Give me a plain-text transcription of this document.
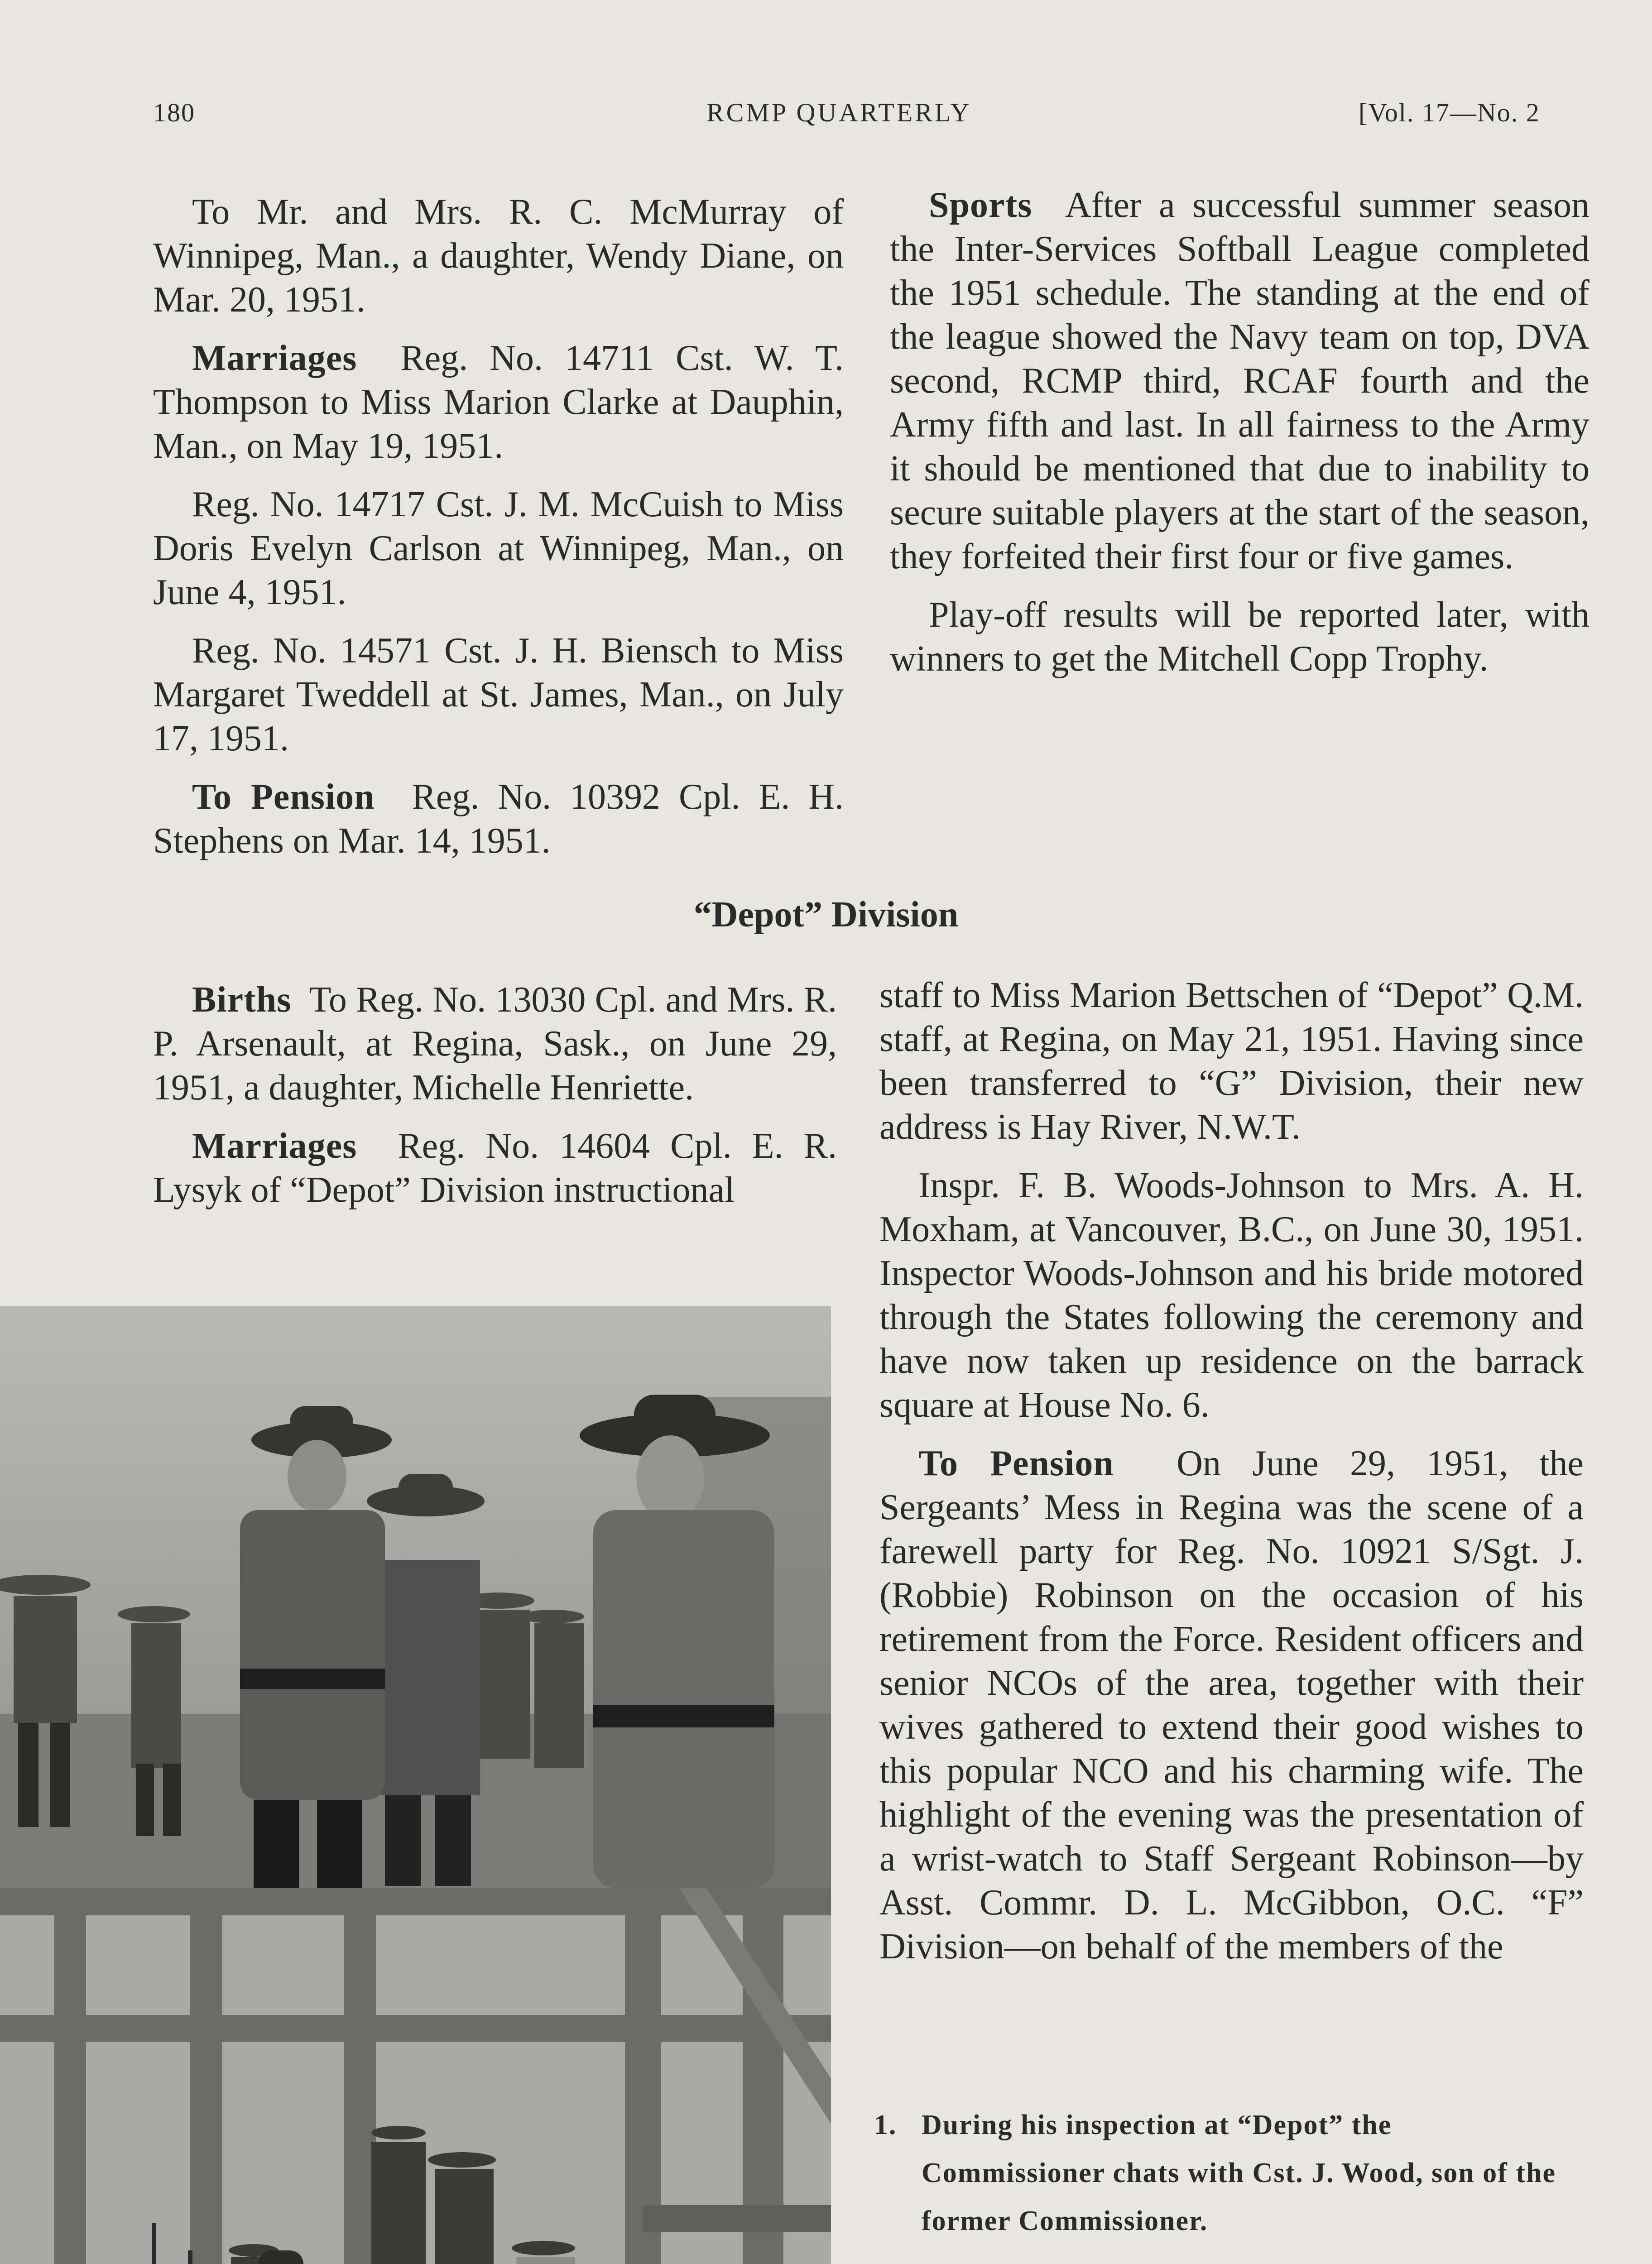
180	RCMP QUARTERLY	[Vol. 17—No. 2

To Mr. and Mrs. R. C. McMurray of Winnipeg, Man., a daughter, Wendy Diane, on Mar. 20, 1951.

Marriages Reg. No. 14711 Cst. W. T. Thompson to Miss Marion Clarke at Dauphin, Man., on May 19, 1951.

Reg. No. 14717 Cst. J. M. McCuish to Miss Doris Evelyn Carlson at Winnipeg, Man., on June 4, 1951.

Reg. No. 14571 Cst. J. H. Biensch to Miss Margaret Tweddell at St. James, Man., on July 17, 1951.

To Pension Reg. No. 10392 Cpl. E. H. Stephens on Mar. 14, 1951.

Sports After a successful summer season the Inter-Services Softball League completed the 1951 schedule. The standing at the end of the league showed the Navy team on top, DVA second, RCMP third, RCAF fourth and the Army fifth and last. In all fairness to the Army it should be mentioned that due to inability to secure suitable players at the start of the season, they forfeited their first four or five games.

Play-off results will be reported later, with winners to get the Mitchell Copp Trophy.

“Depot” Division

Births To Reg. No. 13030 Cpl. and Mrs. R. P. Arsenault, at Regina, Sask., on June 29, 1951, a daughter, Michelle Henriette.

Marriages Reg. No. 14604 Cpl. E. R. Lysyk of “Depot” Division instructional

staff to Miss Marion Bettschen of “Depot” Q.M. staff, at Regina, on May 21, 1951. Having since been transferred to “G” Division, their new address is Hay River, N.W.T.

Inspr. F. B. Woods-Johnson to Mrs. A. H. Moxham, at Vancouver, B.C., on June 30, 1951. Inspector Woods-Johnson and his bride motored through the States following the ceremony and have now taken up residence on the barrack square at House No. 6.

To Pension On June 29, 1951, the Sergeants’ Mess in Regina was the scene of a farewell party for Reg. No. 10921 S/Sgt. J. (Robbie) Robinson on the occasion of his retirement from the Force. Resident officers and senior NCOs of the area, together with their wives gathered to extend their good wishes to this popular NCO and his charming wife. The highlight of the evening was the presentation of a wrist-watch to Staff Sergeant Robinson—by Asst. Commr. D. L. McGibbon, O.C. “F” Division—on behalf of the members of the

1. During his inspection at “Depot” the Commissioner chats with Cst. J. Wood, son of the former Commissioner.
